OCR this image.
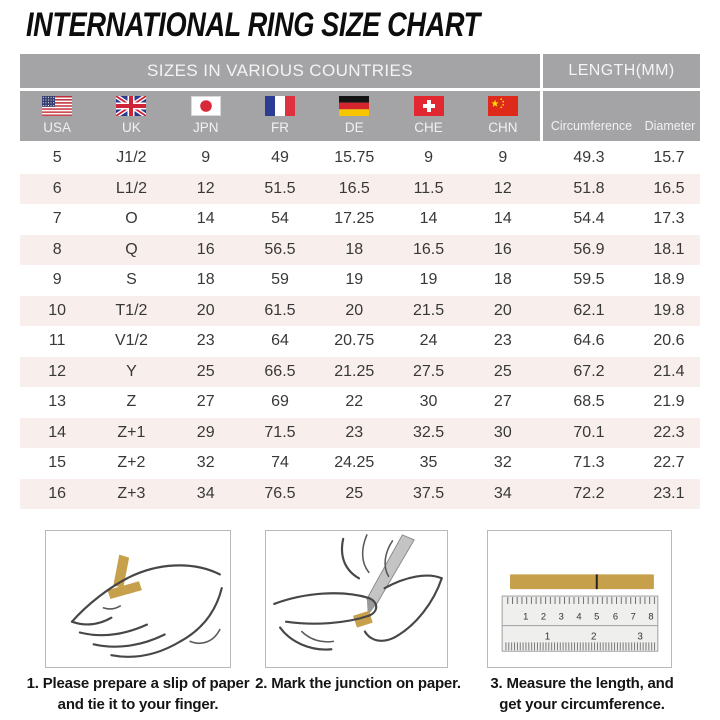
INTERNATIONAL RING SIZE CHART
SIZES IN VARIOUS COUNTRIES	LENGTH(MM)
USA	UK	JPN	FR	DE	CHE	CHN	Circumference	Diameter
5	J1/2	9	49	15.75	9	9	49.3	15.7
6	L1/2	12	51.5	16.5	11.5	12	51.8	16.5
7	O	14	54	17.25	14	14	54.4	17.3
8	Q	16	56.5	18	16.5	16	56.9	18.1
9	S	18	59	19	19	18	59.5	18.9
10	T1/2	20	61.5	20	21.5	20	62.1	19.8
11	V1/2	23	64	20.75	24	23	64.6	20.6
12	Y	25	66.5	21.25	27.5	25	67.2	21.4
13	Z	27	69	22	30	27	68.5	21.9
14	Z+1	29	71.5	23	32.5	30	70.1	22.3
15	Z+2	32	74	24.25	35	32	71.3	22.7
16	Z+3	34	76.5	25	37.5	34	72.2	23.1
1 2 3 4 5 6 7 8
1	2	3
1. Please prepare a slip of paper
and tie it to your finger.
2. Mark the junction on paper.	3. Measure the length, and
get your circumference.
